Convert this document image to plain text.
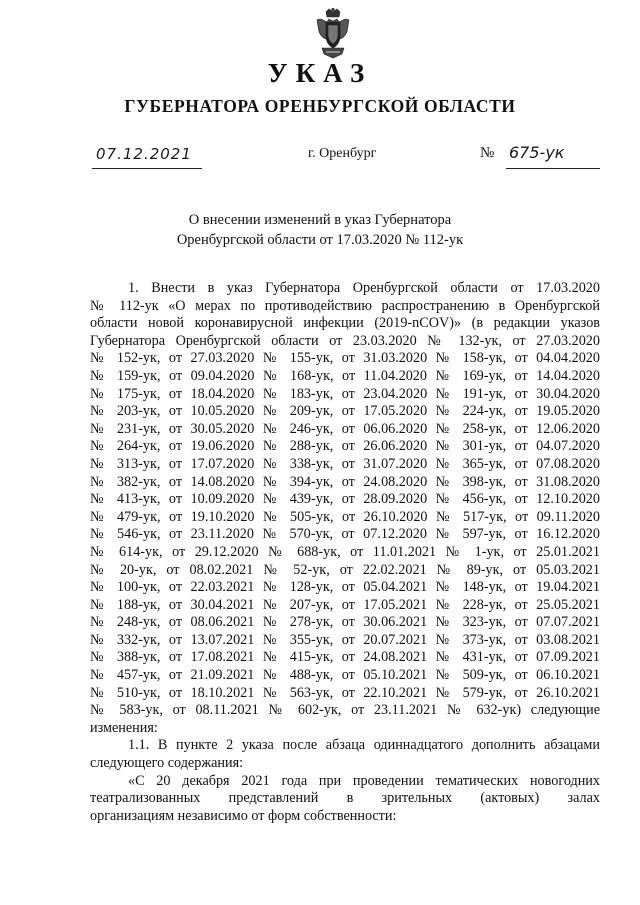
УКАЗ
ГУБЕРНАТОРА ОРЕНБУРГСКОЙ ОБЛАСТИ
07.12.2021	г. Оренбург	№ 675-ук
О внесении изменений в указ Губернатора
Оренбургской области от 17.03.2020 № 112-ук

1. Внести в указ Губернатора Оренбургской области от 17.03.2020
№ 112-ук «О мерах по противодействию распространению в Оренбургской
области новой коронавирусной инфекции (2019-nCOV)» (в редакции указов
Губернатора Оренбургской области от 23.03.2020 № 132-ук, от 27.03.2020
№ 152-ук, от 27.03.2020 № 155-ук, от 31.03.2020 № 158-ук, от 04.04.2020
№ 159-ук, от 09.04.2020 № 168-ук, от 11.04.2020 № 169-ук, от 14.04.2020
№ 175-ук, от 18.04.2020 № 183-ук, от 23.04.2020 № 191-ук, от 30.04.2020
№ 203-ук, от 10.05.2020 № 209-ук, от 17.05.2020 № 224-ук, от 19.05.2020
№ 231-ук, от 30.05.2020 № 246-ук, от 06.06.2020 № 258-ук, от 12.06.2020
№ 264-ук, от 19.06.2020 № 288-ук, от 26.06.2020 № 301-ук, от 04.07.2020
№ 313-ук, от 17.07.2020 № 338-ук, от 31.07.2020 № 365-ук, от 07.08.2020
№ 382-ук, от 14.08.2020 № 394-ук, от 24.08.2020 № 398-ук, от 31.08.2020
№ 413-ук, от 10.09.2020 № 439-ук, от 28.09.2020 № 456-ук, от 12.10.2020
№ 479-ук, от 19.10.2020 № 505-ук, от 26.10.2020 № 517-ук, от 09.11.2020
№ 546-ук, от 23.11.2020 № 570-ук, от 07.12.2020 № 597-ук, от 16.12.2020
№ 614-ук, от 29.12.2020 № 688-ук, от 11.01.2021 № 1-ук, от 25.01.2021
№ 20-ук, от 08.02.2021 № 52-ук, от 22.02.2021 № 89-ук, от 05.03.2021
№ 100-ук, от 22.03.2021 № 128-ук, от 05.04.2021 № 148-ук, от 19.04.2021
№ 188-ук, от 30.04.2021 № 207-ук, от 17.05.2021 № 228-ук, от 25.05.2021
№ 248-ук, от 08.06.2021 № 278-ук, от 30.06.2021 № 323-ук, от 07.07.2021
№ 332-ук, от 13.07.2021 № 355-ук, от 20.07.2021 № 373-ук, от 03.08.2021
№ 388-ук, от 17.08.2021 № 415-ук, от 24.08.2021 № 431-ук, от 07.09.2021
№ 457-ук, от 21.09.2021 № 488-ук, от 05.10.2021 № 509-ук, от 06.10.2021
№ 510-ук, от 18.10.2021 № 563-ук, от 22.10.2021 № 579-ук, от 26.10.2021
№ 583-ук, от 08.11.2021 № 602-ук, от 23.11.2021 № 632-ук) следующие
изменения:

1.1. В пункте 2 указа после абзаца одиннадцатого дополнить абзацами
следующего содержания:

«С 20 декабря 2021 года при проведении тематических новогодних
театрализованных представлений в зрительных (актовых) залах
организациям независимо от форм собственности:
